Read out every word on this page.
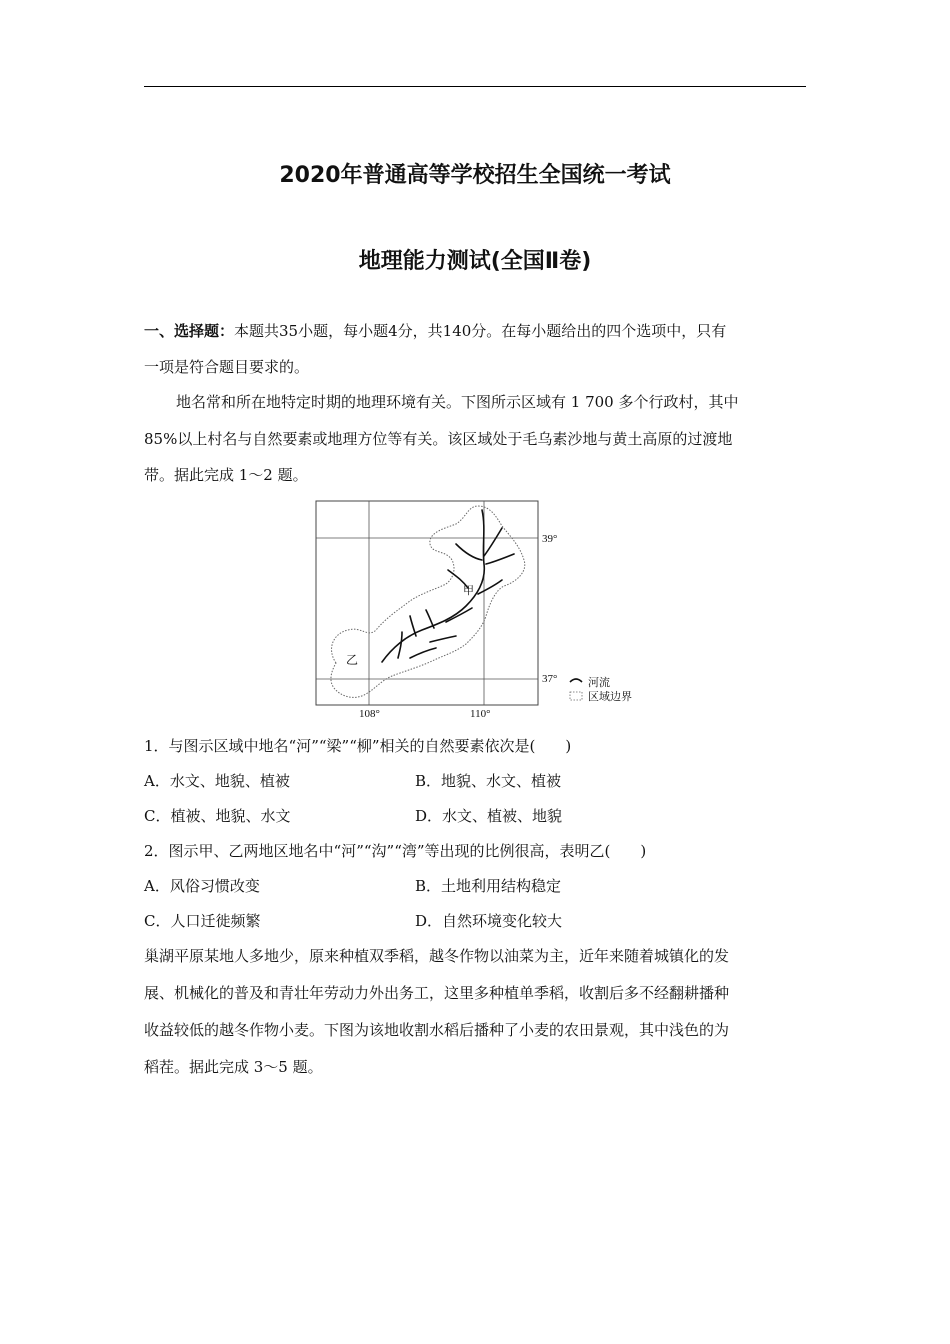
2020年普通高等学校招生全国统一考试
地理能力测试(全国Ⅱ卷)
一、选择题：本题共35小题，每小题4分，共140分。在每小题给出的四个选项中，只有
一项是符合题目要求的。
地名常和所在地特定时期的地理环境有关。下图所示区域有 1 700 多个行政村，其中
85%以上村名与自然要素或地理方位等有关。该区域处于毛乌素沙地与黄土高原的过渡地
带。据此完成 1～2 题。
甲
乙
39°
37°
108°	110°
河流
区域边界
1．与图示区域中地名“河”“梁”“柳”相关的自然要素依次是(　　)
A．水文、地貌、植被	B．地貌、水文、植被
C．植被、地貌、水文	D．水文、植被、地貌
2．图示甲、乙两地区地名中“河”“沟”“湾”等出现的比例很高，表明乙(　　)
A．风俗习惯改变	B．土地利用结构稳定
C．人口迁徙频繁	D．自然环境变化较大
巢湖平原某地人多地少，原来种植双季稻，越冬作物以油菜为主，近年来随着城镇化的发
展、机械化的普及和青壮年劳动力外出务工，这里多种植单季稻，收割后多不经翻耕播种
收益较低的越冬作物小麦。下图为该地收割水稻后播种了小麦的农田景观，其中浅色的为
稻茬。据此完成 3～5 题。
